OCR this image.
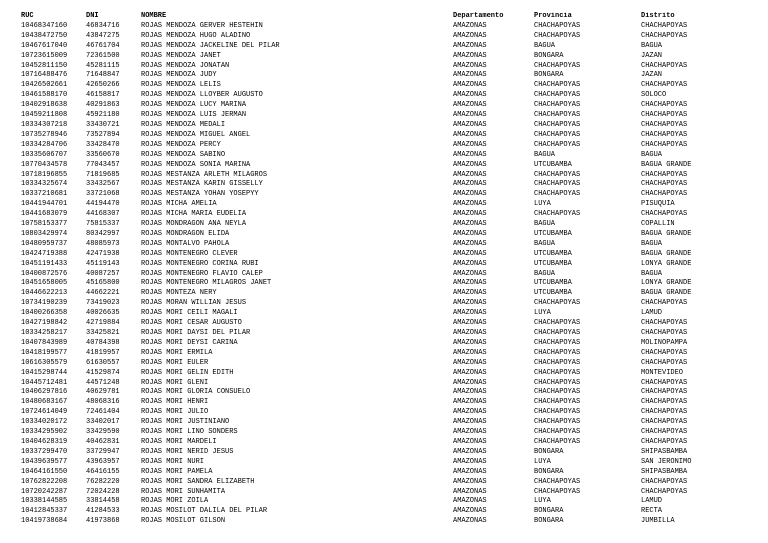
RUC	DNI	NOMBRE	Departamento	Provincia	Distrito
10468347160	46834716	ROJAS MENDOZA GERVER HESTEHIN	AMAZONAS	CHACHAPOYAS	CHACHAPOYAS
10438472750	43847275	ROJAS MENDOZA HUGO ALADINO	AMAZONAS	CHACHAPOYAS	CHACHAPOYAS
10467617040	46761704	ROJAS MENDOZA JACKELINE DEL PILAR	AMAZONAS	BAGUA	BAGUA
10723615009	72361500	ROJAS MENDOZA JANET	AMAZONAS	BONGARA	JAZAN
10452811150	45281115	ROJAS MENDOZA JONATAN	AMAZONAS	CHACHAPOYAS	CHACHAPOYAS
10716488476	71648847	ROJAS MENDOZA JUDY	AMAZONAS	BONGARA	JAZAN
10426502661	42650266	ROJAS MENDOZA LELIS	AMAZONAS	CHACHAPOYAS	CHACHAPOYAS
10461588170	46158817	ROJAS MENDOZA LLOYBER AUGUSTO	AMAZONAS	CHACHAPOYAS	SOLOCO
10402918638	40291863	ROJAS MENDOZA LUCY MARINA	AMAZONAS	CHACHAPOYAS	CHACHAPOYAS
10459211808	45921180	ROJAS MENDOZA LUIS JERMAN	AMAZONAS	CHACHAPOYAS	CHACHAPOYAS
10334307218	33430721	ROJAS MENDOZA MEDALI	AMAZONAS	CHACHAPOYAS	CHACHAPOYAS
10735278946	73527894	ROJAS MENDOZA MIGUEL ANGEL	AMAZONAS	CHACHAPOYAS	CHACHAPOYAS
10334284706	33428470	ROJAS MENDOZA PERCY	AMAZONAS	CHACHAPOYAS	CHACHAPOYAS
10335606707	33560670	ROJAS MENDOZA SABINO	AMAZONAS	BAGUA	BAGUA
10770434578	77043457	ROJAS MENDOZA SONIA MARINA	AMAZONAS	UTCUBAMBA	BAGUA GRANDE
10718196855	71819685	ROJAS MESTANZA ARLETH MILAGROS	AMAZONAS	CHACHAPOYAS	CHACHAPOYAS
10334325674	33432567	ROJAS MESTANZA KARIN GISSELLY	AMAZONAS	CHACHAPOYAS	CHACHAPOYAS
10337210681	33721068	ROJAS MESTANZA YOHAN YOSEPYY	AMAZONAS	CHACHAPOYAS	CHACHAPOYAS
10441944701	44194470	ROJAS MICHA AMELIA	AMAZONAS	LUYA	PISUQUIA
10441683079	44168307	ROJAS MICHA MARIA EUDELIA	AMAZONAS	CHACHAPOYAS	CHACHAPOYAS
10758153377	75815337	ROJAS MONDRAGON ANA NEYLA	AMAZONAS	BAGUA	COPALLIN
10803429974	80342997	ROJAS MONDRAGON ELIDA	AMAZONAS	UTCUBAMBA	BAGUA GRANDE
10480959737	48085973	ROJAS MONTALVO PAHOLA	AMAZONAS	BAGUA	BAGUA
10424719388	42471938	ROJAS MONTENEGRO CLEVER	AMAZONAS	UTCUBAMBA	BAGUA GRANDE
10451191433	45119143	ROJAS MONTENEGRO CORINA RUBI	AMAZONAS	UTCUBAMBA	LONYA GRANDE
10400872576	40087257	ROJAS MONTENEGRO FLAVIO CALEP	AMAZONAS	BAGUA	BAGUA
10451658005	45165800	ROJAS MONTENEGRO MILAGROS JANET	AMAZONAS	UTCUBAMBA	LONYA GRANDE
10446622213	44662221	ROJAS MONTEZA NERY	AMAZONAS	UTCUBAMBA	BAGUA GRANDE
10734190239	73419023	ROJAS MORAN WILLIAN JESUS	AMAZONAS	CHACHAPOYAS	CHACHAPOYAS
10400266358	40026635	ROJAS MORI CEILI MAGALI	AMAZONAS	LUYA	LAMUD
10427198842	42719884	ROJAS MORI CESAR AUGUSTO	AMAZONAS	CHACHAPOYAS	CHACHAPOYAS
10334258217	33425821	ROJAS MORI DAYSI DEL PILAR	AMAZONAS	CHACHAPOYAS	CHACHAPOYAS
10407843989	40784398	ROJAS MORI DEYSI CARINA	AMAZONAS	CHACHAPOYAS	MOLINOPAMPA
10418199577	41819957	ROJAS MORI ERMILA	AMAZONAS	CHACHAPOYAS	CHACHAPOYAS
10616305579	61630557	ROJAS MORI EULER	AMAZONAS	CHACHAPOYAS	CHACHAPOYAS
10415298744	41529874	ROJAS MORI GELIN EDITH	AMAZONAS	CHACHAPOYAS	MONTEVIDEO
10445712481	44571248	ROJAS MORI GLENI	AMAZONAS	CHACHAPOYAS	CHACHAPOYAS
10406297816	40629781	ROJAS MORI GLORIA CONSUELO	AMAZONAS	CHACHAPOYAS	CHACHAPOYAS
10480683167	48068316	ROJAS MORI HENRI	AMAZONAS	CHACHAPOYAS	CHACHAPOYAS
10724614049	72461404	ROJAS MORI JULIO	AMAZONAS	CHACHAPOYAS	CHACHAPOYAS
10334020172	33402017	ROJAS MORI JUSTINIANO	AMAZONAS	CHACHAPOYAS	CHACHAPOYAS
10334295902	33429590	ROJAS MORI LINO SONDERS	AMAZONAS	CHACHAPOYAS	CHACHAPOYAS
10404628319	40462831	ROJAS MORI MARDELI	AMAZONAS	CHACHAPOYAS	CHACHAPOYAS
10337299470	33729947	ROJAS MORI NERID JESUS	AMAZONAS	BONGARA	SHIPASBAMBA
10439639577	43963957	ROJAS MORI NURI	AMAZONAS	LUYA	SAN JERONIMO
10464161550	46416155	ROJAS MORI PAMELA	AMAZONAS	BONGARA	SHIPASBAMBA
10762822208	76282220	ROJAS MORI SANDRA ELIZABETH	AMAZONAS	CHACHAPOYAS	CHACHAPOYAS
10720242287	72024228	ROJAS MORI SUNHAMITA	AMAZONAS	CHACHAPOYAS	CHACHAPOYAS
10338144585	33814458	ROJAS MORI ZOILA	AMAZONAS	LUYA	LAMUD
10412845337	41284533	ROJAS MOSILOT DALILA DEL PILAR	AMAZONAS	BONGARA	RECTA
10419738684	41973868	ROJAS MOSILOT GILSON	AMAZONAS	BONGARA	JUMBILLA
